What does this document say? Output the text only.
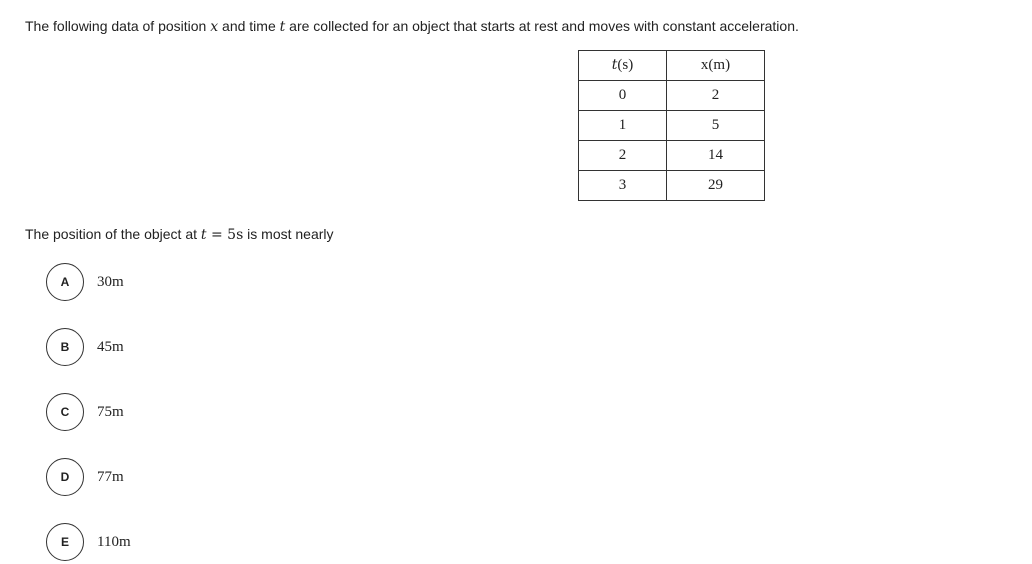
The following data of position x and time t are collected for an object that starts at rest and moves with constant acceleration.
t(s)	x(m)
0	2
1	5
2	14
3	29
The position of the object at t = 5s is most nearly
A	30m
B	45m
C	75m
D	77m
E	110m
